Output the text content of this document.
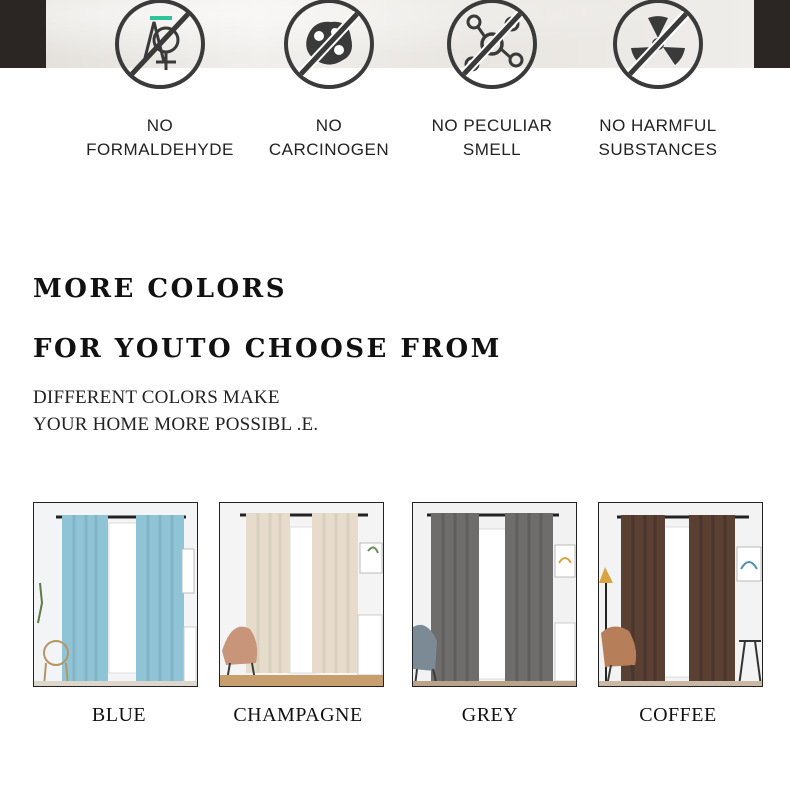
NO
FORMALDEHYDE
NO
CARCINOGEN
NO PECULIAR
SMELL
NO HARMFUL
SUBSTANCES
MORE COLORS
FOR YOUTO CHOOSE FROM
DIFFERENT COLORS MAKE
YOUR HOME MORE POSSIBL .E.
BLUE	CHAMPAGNE	GREY	COFFEE
